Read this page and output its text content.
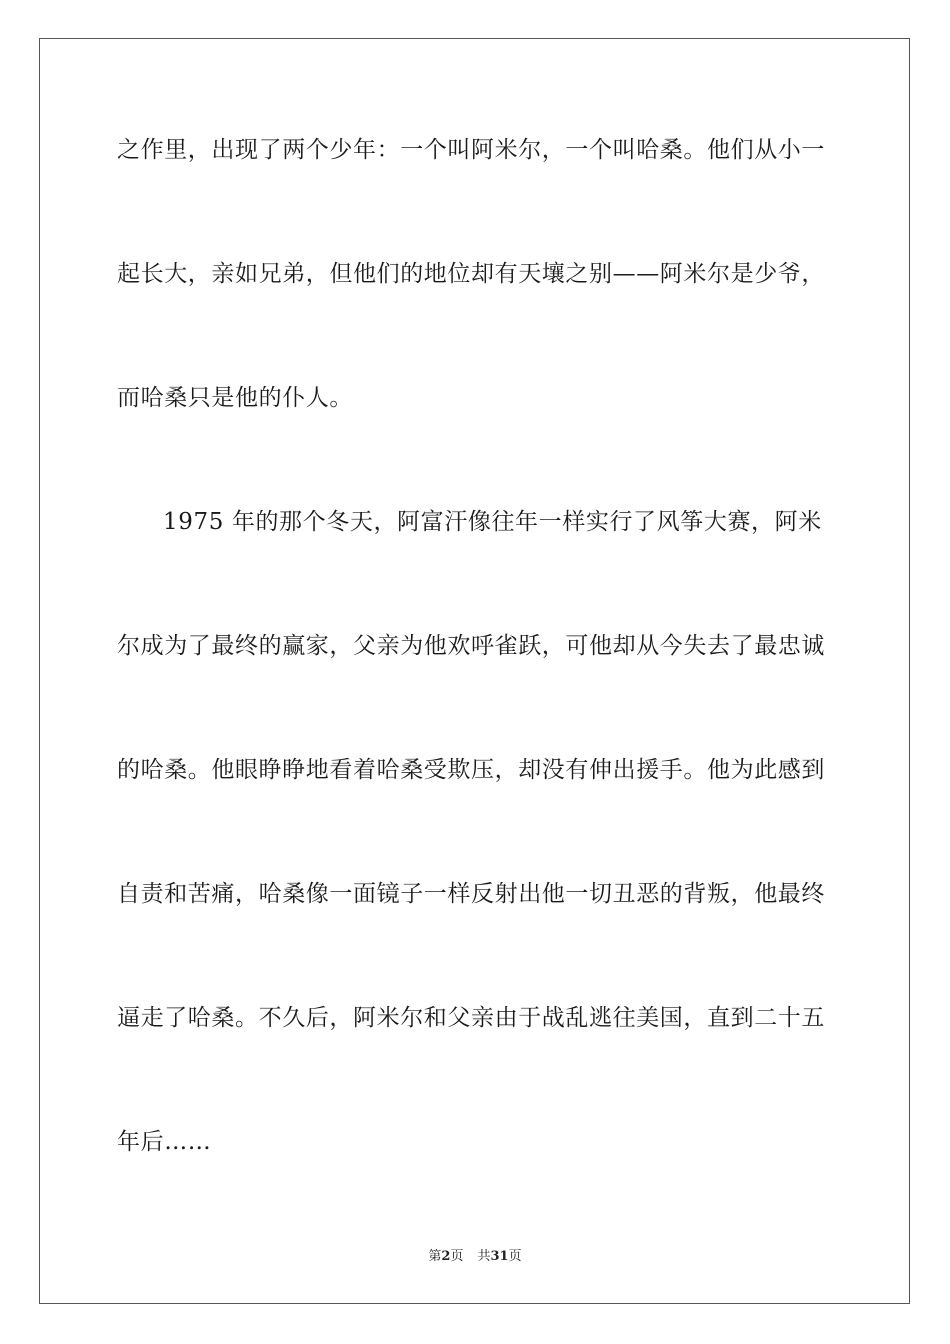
之作里，出现了两个少年：一个叫阿米尔，一个叫哈桑。他们从小一
起长大，亲如兄弟，但他们的地位却有天壤之别——阿米尔是少爷，
而哈桑只是他的仆人。
1975 年的那个冬天，阿富汗像往年一样实行了风筝大赛，阿米
尔成为了最终的赢家，父亲为他欢呼雀跃，可他却从今失去了最忠诚
的哈桑。他眼睁睁地看着哈桑受欺压，却没有伸出援手。他为此感到
自责和苦痛，哈桑像一面镜子一样反射出他一切丑恶的背叛，他最终
逼走了哈桑。不久后，阿米尔和父亲由于战乱逃往美国，直到二十五
年后……
第2页 共31页
